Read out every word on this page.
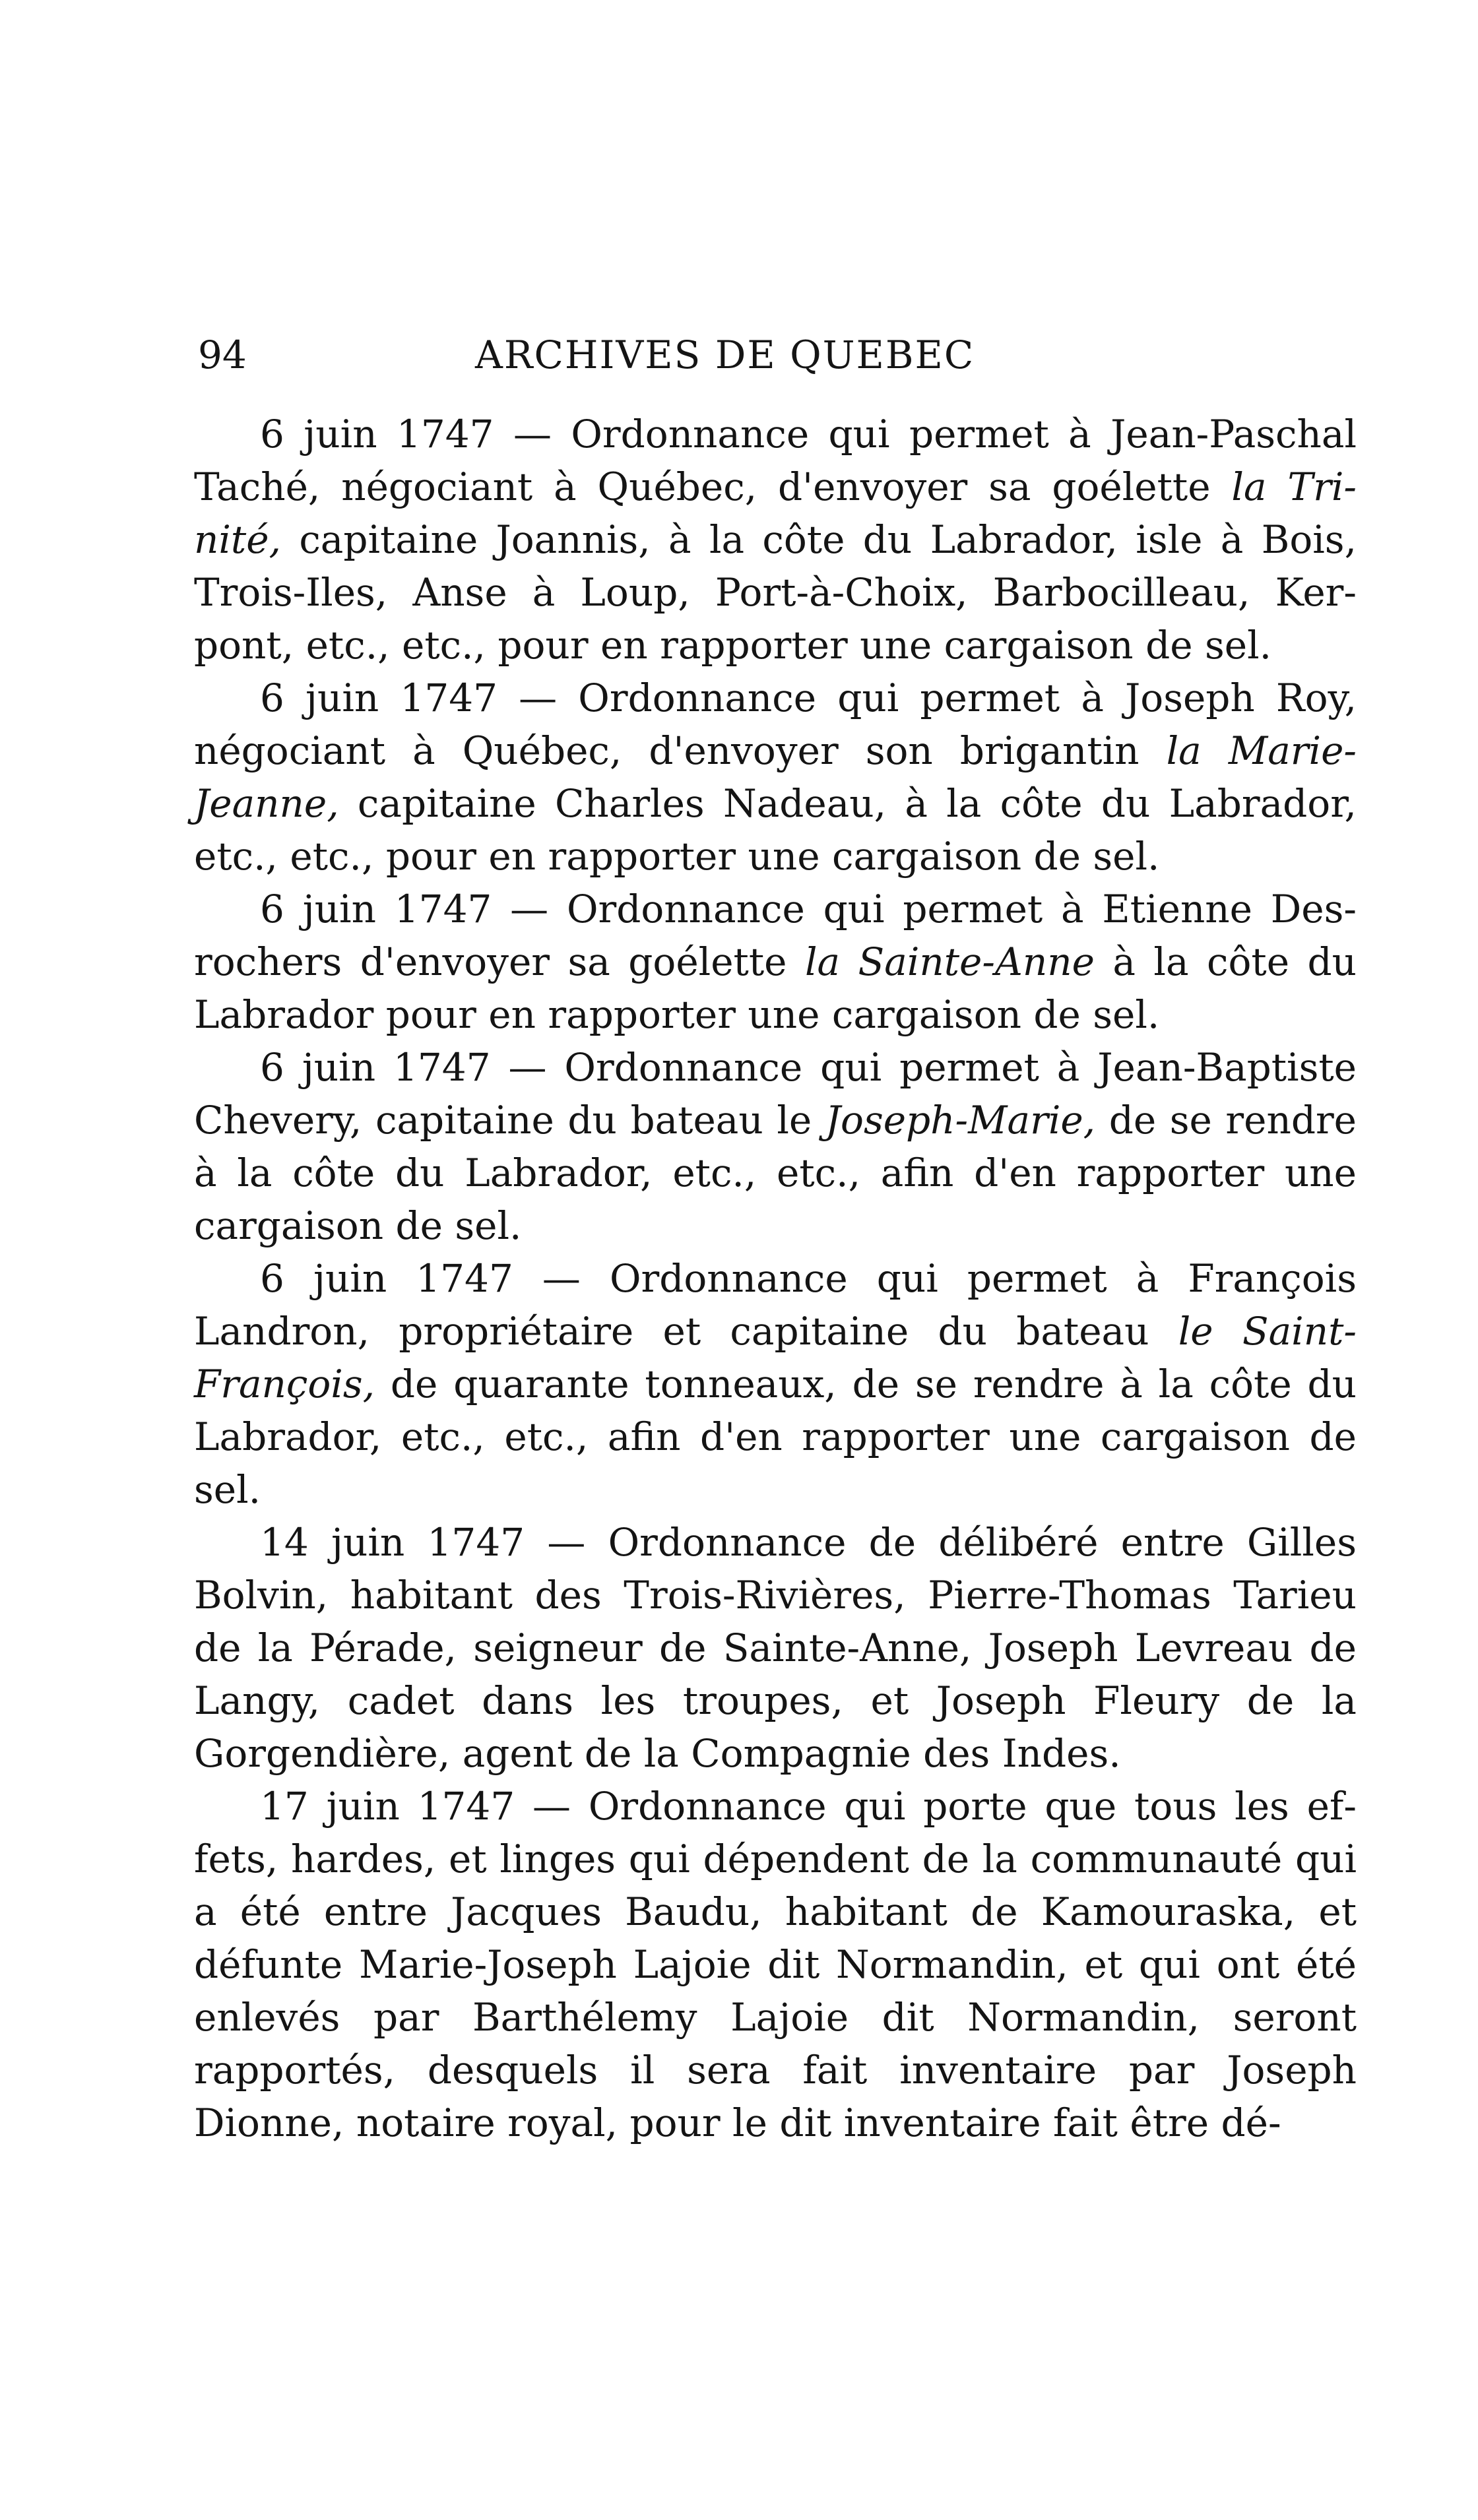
94	ARCHIVES DE QUEBEC

6 juin 1747 — Ordonnance qui permet à Jean-Paschal Taché, négociant à Québec, d'envoyer sa goélette la Trinité, capitaine Joannis, à la côte du Labrador, isle à Bois, Trois-Iles, Anse à Loup, Port-à-Choix, Barbocilleau, Kerpont, etc., etc., pour en rapporter une cargaison de sel.

6 juin 1747 — Ordonnance qui permet à Joseph Roy, négociant à Québec, d'envoyer son brigantin la Marie-Jeanne, capitaine Charles Nadeau, à la côte du Labrador, etc., etc., pour en rapporter une cargaison de sel.

6 juin 1747 — Ordonnance qui permet à Etienne Desrochers d'envoyer sa goélette la Sainte-Anne à la côte du Labrador pour en rapporter une cargaison de sel.

6 juin 1747 — Ordonnance qui permet à Jean-Baptiste Chevery, capitaine du bateau le Joseph-Marie, de se rendre à la côte du Labrador, etc., etc., afin d'en rapporter une cargaison de sel.

6 juin 1747 — Ordonnance qui permet à François Landron, propriétaire et capitaine du bateau le Saint-François, de quarante tonneaux, de se rendre à la côte du Labrador, etc., etc., afin d'en rapporter une cargaison de sel.

14 juin 1747 — Ordonnance de délibéré entre Gilles Bolvin, habitant des Trois-Rivières, Pierre-Thomas Tarieu de la Pérade, seigneur de Sainte-Anne, Joseph Levreau de Langy, cadet dans les troupes, et Joseph Fleury de la Gorgendière, agent de la Compagnie des Indes.

17 juin 1747 — Ordonnance qui porte que tous les effets, hardes, et linges qui dépendent de la communauté qui a été entre Jacques Baudu, habitant de Kamouraska, et défunte Marie-Joseph Lajoie dit Normandin, et qui ont été enlevés par Barthélemy Lajoie dit Normandin, seront rapportés, desquels il sera fait inventaire par Joseph Dionne, notaire royal, pour le dit inventaire fait être dé-
